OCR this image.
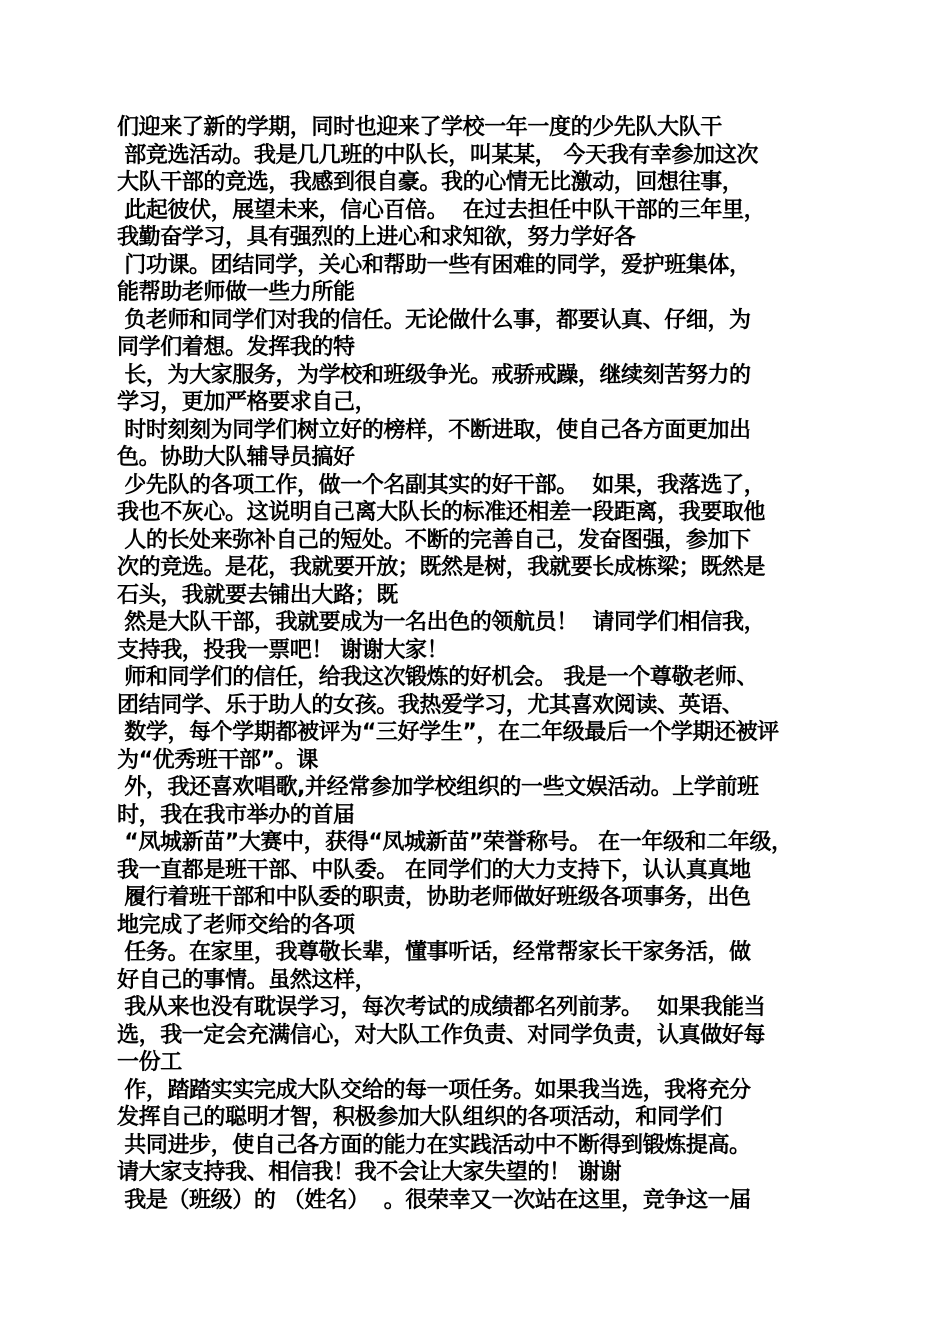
们迎来了新的学期，同时也迎来了学校一年一度的少先队大队干
部竞选活动。我是几几班的中队长，叫某某， 今天我有幸参加这次
大队干部的竞选，我感到很自豪。我的心情无比激动，回想往事，
此起彼伏，展望未来，信心百倍。  在过去担任中队干部的三年里，
我勤奋学习，具有强烈的上进心和求知欲，努力学好各
门功课。团结同学，关心和帮助一些有困难的同学，爱护班集体，
能帮助老师做一些力所能
负老师和同学们对我的信任。无论做什么事，都要认真、仔细，为
同学们着想。发挥我的特
长，为大家服务，为学校和班级争光。戒骄戒躁，继续刻苦努力的
学习，更加严格要求自己，
时时刻刻为同学们树立好的榜样，不断进取，使自己各方面更加出
色。协助大队辅导员搞好
少先队的各项工作，做一个名副其实的好干部。  如果，我落选了，
我也不灰心。这说明自己离大队长的标准还相差一段距离，我要取他
人的长处来弥补自己的短处。不断的完善自己，发奋图强，参加下
次的竞选。是花，我就要开放；既然是树，我就要长成栋梁；既然是
石头，我就要去铺出大路；既
然是大队干部，我就要成为一名出色的领航员！  请同学们相信我，
支持我，投我一票吧！ 谢谢大家！
师和同学们的信任，给我这次锻炼的好机会。 我是一个尊敬老师、
团结同学、乐于助人的女孩。我热爱学习，尤其喜欢阅读、英语、
数学，每个学期都被评为“三好学生”，在二年级最后一个学期还被评
为“优秀班干部”。课
外，我还喜欢唱歌,并经常参加学校组织的一些文娱活动。上学前班
时，我在我市举办的首届
“凤城新苗”大赛中，获得“凤城新苗”荣誉称号。 在一年级和二年级，
我一直都是班干部、中队委。 在同学们的大力支持下，认认真真地
履行着班干部和中队委的职责，协助老师做好班级各项事务，出色
地完成了老师交给的各项
任务。在家里，我尊敬长辈，懂事听话，经常帮家长干家务活，做
好自己的事情。虽然这样，
我从来也没有耽误学习，每次考试的成绩都名列前茅。  如果我能当
选，我一定会充满信心，对大队工作负责、对同学负责，认真做好每
一份工
作，踏踏实实完成大队交给的每一项任务。如果我当选，我将充分
发挥自己的聪明才智，积极参加大队组织的各项活动，和同学们
共同进步，使自己各方面的能力在实践活动中不断得到锻炼提高。
请大家支持我、相信我！我不会让大家失望的！ 谢谢
我是（班级）的 （姓名）  。很荣幸又一次站在这里，竞争这一届
